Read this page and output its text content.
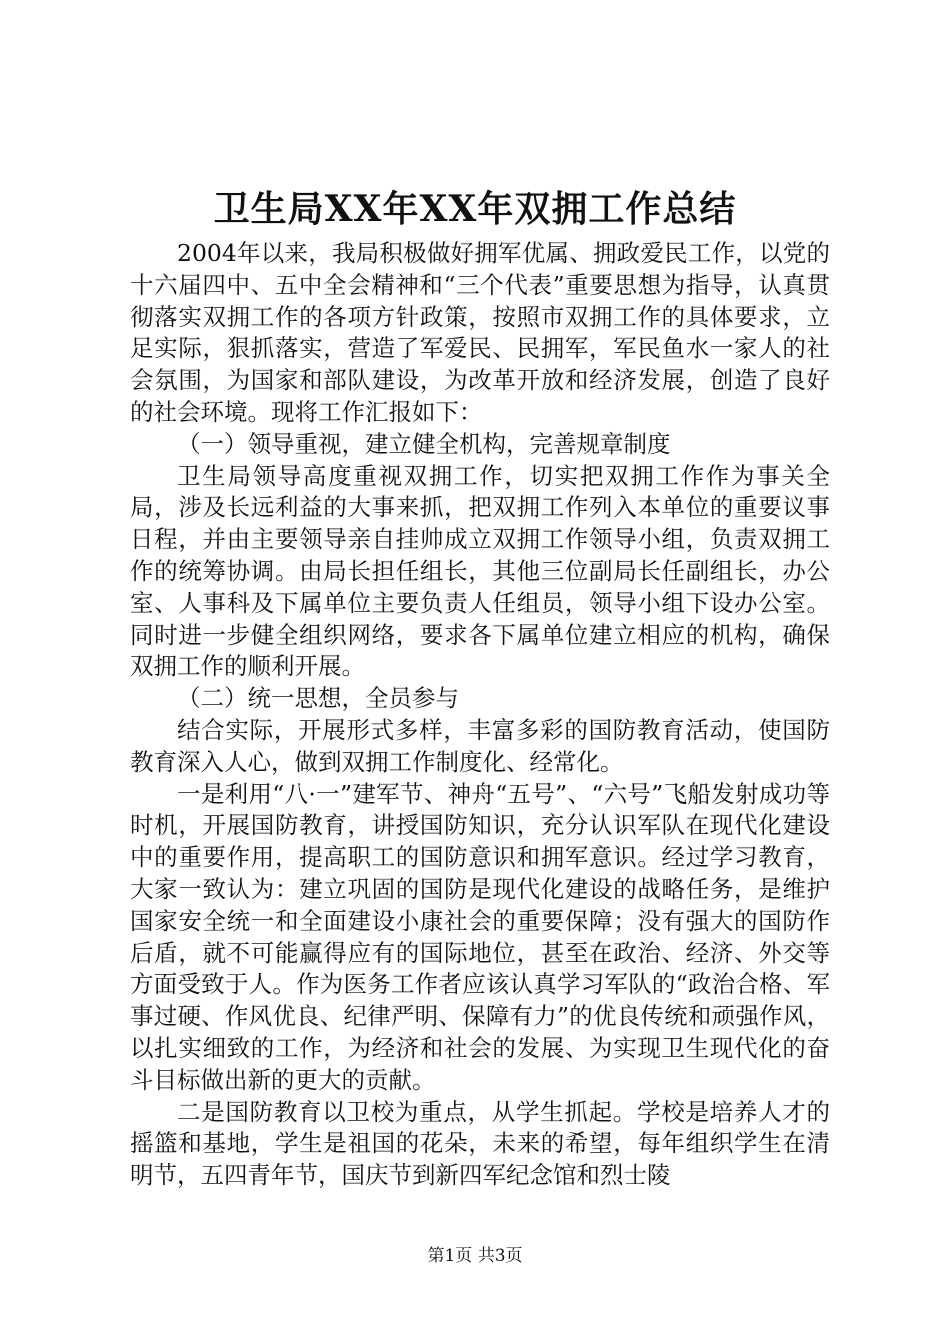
卫生局XX年XX年双拥工作总结

2004年以来，我局积极做好拥军优属、拥政爱民工作，以党的十六届四中、五中全会精神和“三个代表”重要思想为指导，认真贯彻落实双拥工作的各项方针政策，按照市双拥工作的具体要求，立足实际，狠抓落实，营造了军爱民、民拥军，军民鱼水一家人的社会氛围，为国家和部队建设，为改革开放和经济发展，创造了良好的社会环境。现将工作汇报如下：

（一）领导重视，建立健全机构，完善规章制度

卫生局领导高度重视双拥工作，切实把双拥工作作为事关全局，涉及长远利益的大事来抓，把双拥工作列入本单位的重要议事日程，并由主要领导亲自挂帅成立双拥工作领导小组，负责双拥工作的统筹协调。由局长担任组长，其他三位副局长任副组长，办公室、人事科及下属单位主要负责人任组员，领导小组下设办公室。同时进一步健全组织网络，要求各下属单位建立相应的机构，确保双拥工作的顺利开展。

（二）统一思想，全员参与

结合实际，开展形式多样，丰富多彩的国防教育活动，使国防教育深入人心，做到双拥工作制度化、经常化。

一是利用“八·一”建军节、神舟“五号”、“六号”飞船发射成功等时机，开展国防教育，讲授国防知识，充分认识军队在现代化建设中的重要作用，提高职工的国防意识和拥军意识。经过学习教育，大家一致认为：建立巩固的国防是现代化建设的战略任务，是维护国家安全统一和全面建设小康社会的重要保障；没有强大的国防作后盾，就不可能赢得应有的国际地位，甚至在政治、经济、外交等方面受致于人。作为医务工作者应该认真学习军队的“政治合格、军事过硬、作风优良、纪律严明、保障有力”的优良传统和顽强作风，以扎实细致的工作，为经济和社会的发展、为实现卫生现代化的奋斗目标做出新的更大的贡献。

二是国防教育以卫校为重点，从学生抓起。学校是培养人才的摇篮和基地，学生是祖国的花朵，未来的希望，每年组织学生在清明节，五四青年节，国庆节到新四军纪念馆和烈士陵

第1页 共3页
